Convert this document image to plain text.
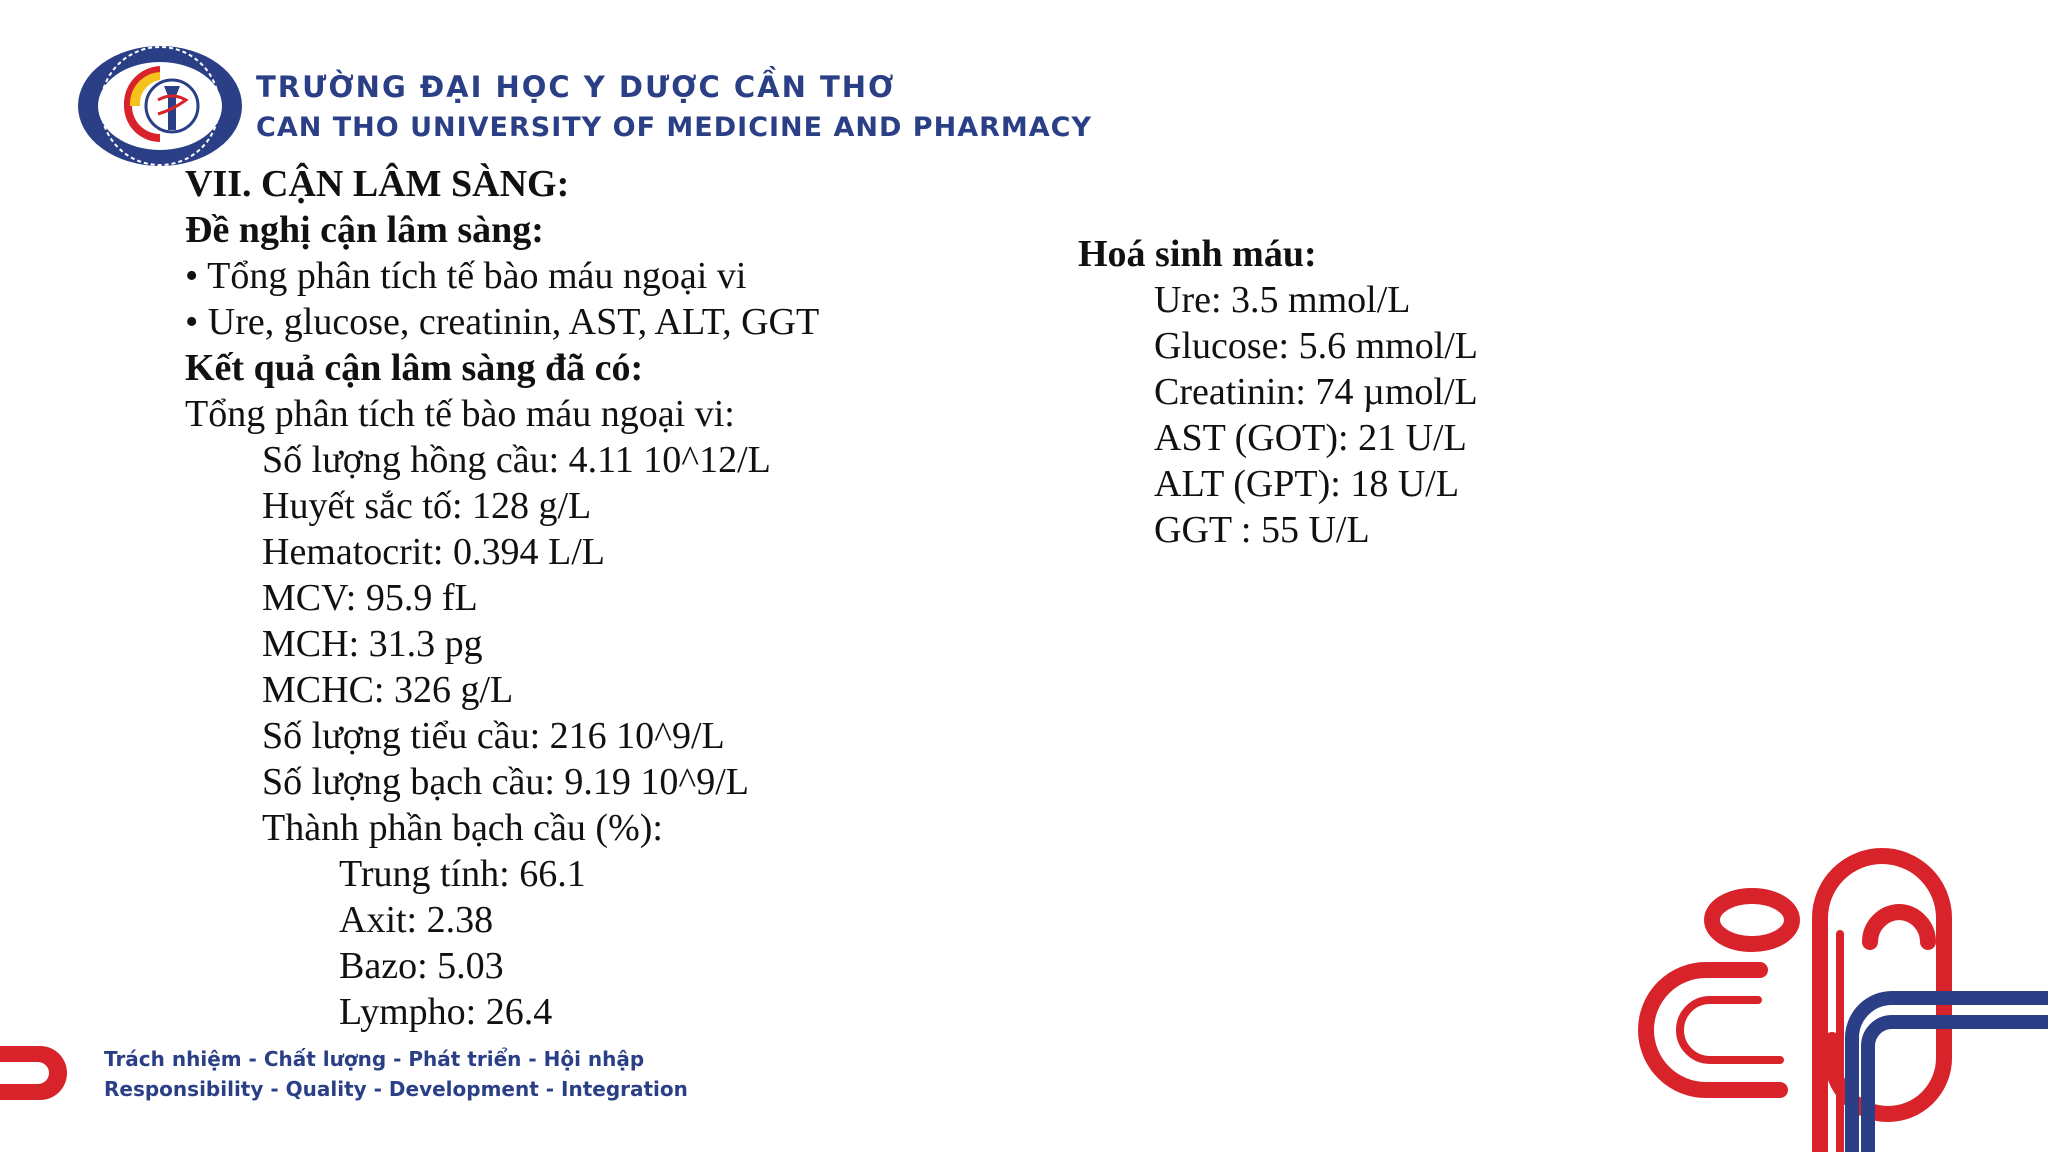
TRƯỜNG ĐẠI HỌC Y DƯỢC CẦN THƠ
CAN THO UNIVERSITY OF MEDICINE AND PHARMACY
VII. CẬN LÂM SÀNG:
Đề nghị cận lâm sàng:
• Tổng phân tích tế bào máu ngoại vi
• Ure, glucose, creatinin, AST, ALT, GGT
Kết quả cận lâm sàng đã có:
Tổng phân tích tế bào máu ngoại vi:
Số lượng hồng cầu: 4.11 10^12/L
Huyết sắc tố: 128 g/L
Hematocrit: 0.394 L/L
MCV: 95.9 fL
MCH: 31.3 pg
MCHC: 326 g/L
Số lượng tiểu cầu: 216 10^9/L
Số lượng bạch cầu: 9.19 10^9/L
Thành phần bạch cầu (%):
Trung tính: 66.1
Axit: 2.38
Bazo: 5.03
Lympho: 26.4
Hoá sinh máu:
Ure: 3.5 mmol/L
Glucose: 5.6 mmol/L
Creatinin: 74 µmol/L
AST (GOT): 21 U/L
ALT (GPT): 18 U/L
GGT : 55 U/L
Trách nhiệm - Chất lượng - Phát triển - Hội nhập
Responsibility - Quality - Development - Integration
